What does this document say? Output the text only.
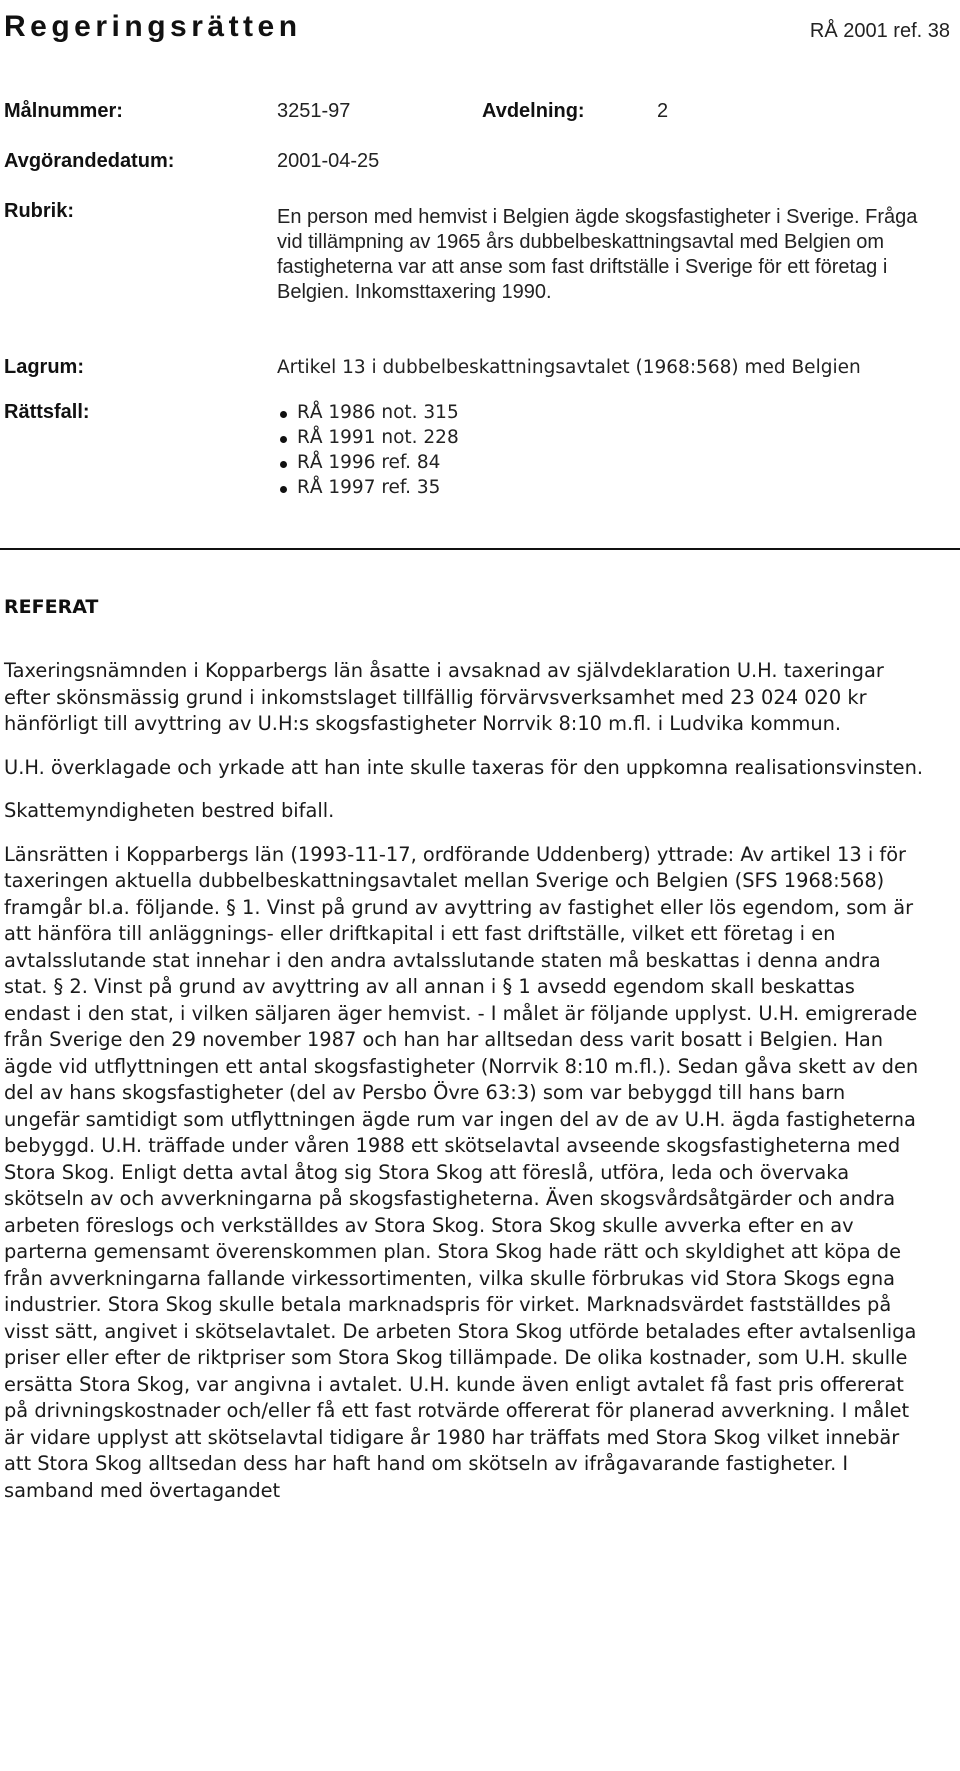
Regeringsrätten	RÅ 2001 ref. 38
Målnummer:	3251-97	Avdelning:	2
Avgörandedatum:	2001-04-25
Rubrik:	En person med hemvist i Belgien ägde skogsfastigheter i Sverige. Fråga vid tillämpning av 1965 års dubbelbeskattningsavtal med Belgien om fastigheterna var att anse som fast driftställe i Sverige för ett företag i Belgien. Inkomsttaxering 1990.
Lagrum:	Artikel 13 i dubbelbeskattningsavtalet (1968:568) med Belgien
Rättsfall:	RÅ 1986 not. 315
RÅ 1991 not. 228
RÅ 1996 ref. 84
RÅ 1997 ref. 35
REFERAT

Taxeringsnämnden i Kopparbergs län åsatte i avsaknad av självdeklaration U.H. taxeringar efter skönsmässig grund i inkomstslaget tillfällig förvärvsverksamhet med 23 024 020 kr hänförligt till avyttring av U.H:s skogsfastigheter Norrvik 8:10 m.fl. i Ludvika kommun.

U.H. överklagade och yrkade att han inte skulle taxeras för den uppkomna realisationsvinsten.

Skattemyndigheten bestred bifall.

Länsrätten i Kopparbergs län (1993-11-17, ordförande Uddenberg) yttrade: Av artikel 13 i för taxeringen aktuella dubbelbeskattningsavtalet mellan Sverige och Belgien (SFS 1968:568) framgår bl.a. följande. § 1. Vinst på grund av avyttring av fastighet eller lös egendom, som är att hänföra till anläggnings- eller driftkapital i ett fast driftställe, vilket ett företag i en avtalsslutande stat innehar i den andra avtalsslutande staten må beskattas i denna andra stat. § 2. Vinst på grund av avyttring av all annan i § 1 avsedd egendom skall beskattas endast i den stat, i vilken säljaren äger hemvist. - I målet är följande upplyst. U.H. emigrerade från Sverige den 29 november 1987 och han har alltsedan dess varit bosatt i Belgien. Han ägde vid utflyttningen ett antal skogsfastigheter (Norrvik 8:10 m.fl.). Sedan gåva skett av den del av hans skogsfastigheter (del av Persbo Övre 63:3) som var bebyggd till hans barn ungefär samtidigt som utflyttningen ägde rum var ingen del av de av U.H. ägda fastigheterna bebyggd. U.H. träffade under våren 1988 ett skötselavtal avseende skogsfastigheterna med Stora Skog. Enligt detta avtal åtog sig Stora Skog att föreslå, utföra, leda och övervaka skötseln av och avverkningarna på skogsfastigheterna. Även skogsvårdsåtgärder och andra arbeten föreslogs och verkställdes av Stora Skog. Stora Skog skulle avverka efter en av parterna gemensamt överenskommen plan. Stora Skog hade rätt och skyldighet att köpa de från avverkningarna fallande virkessortimenten, vilka skulle förbrukas vid Stora Skogs egna industrier. Stora Skog skulle betala marknadspris för virket. Marknadsvärdet fastställdes på visst sätt, angivet i skötselavtalet. De arbeten Stora Skog utförde betalades efter avtalsenliga priser eller efter de riktpriser som Stora Skog tillämpade. De olika kostnader, som U.H. skulle ersätta Stora Skog, var angivna i avtalet. U.H. kunde även enligt avtalet få fast pris offererat på drivningskostnader och/eller få ett fast rotvärde offererat för planerad avverkning. I målet är vidare upplyst att skötselavtal tidigare år 1980 har träffats med Stora Skog vilket innebär att Stora Skog alltsedan dess har haft hand om skötseln av ifrågavarande fastigheter. I samband med övertagandet
